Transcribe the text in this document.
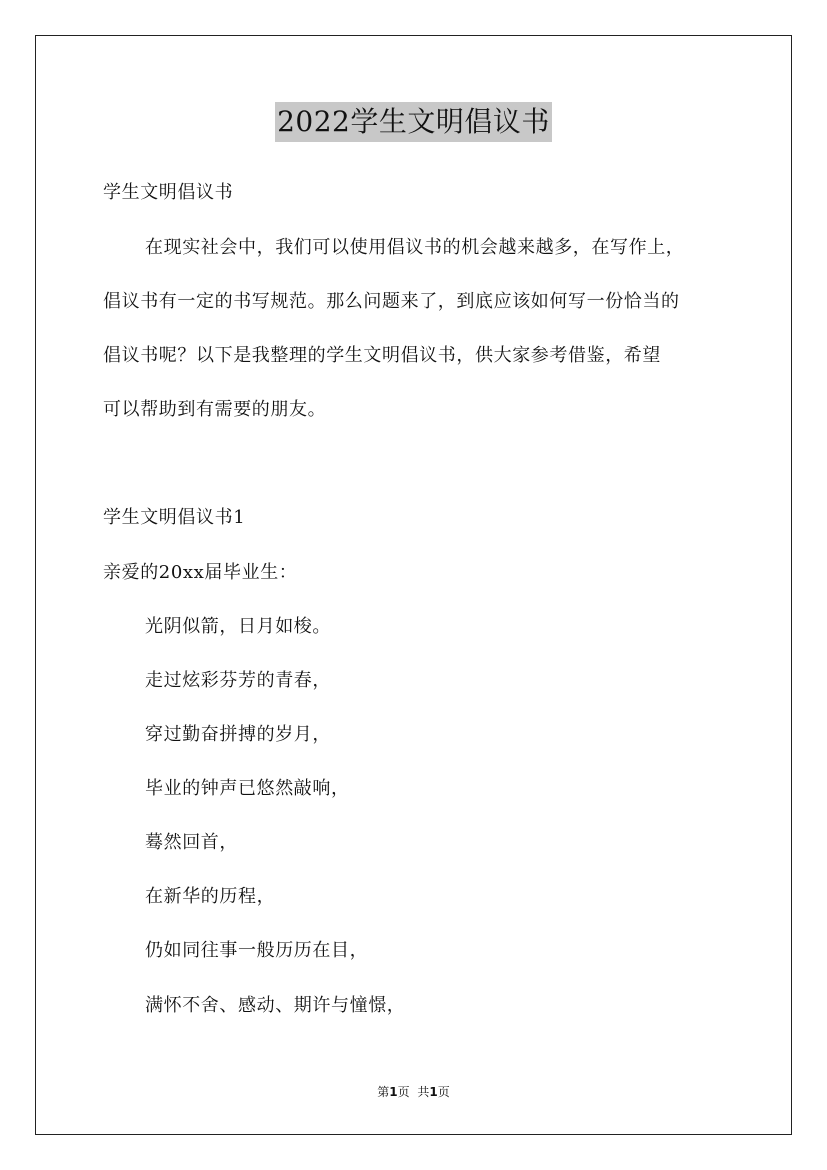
2022学生文明倡议书
学生文明倡议书
在现实社会中，我们可以使用倡议书的机会越来越多，在写作上，
倡议书有一定的书写规范。那么问题来了，到底应该如何写一份恰当的
倡议书呢？以下是我整理的学生文明倡议书，供大家参考借鉴，希望
可以帮助到有需要的朋友。
学生文明倡议书1
亲爱的20xx届毕业生：
光阴似箭，日月如梭。
走过炫彩芬芳的青春，
穿过勤奋拼搏的岁月，
毕业的钟声已悠然敲响，
蓦然回首，
在新华的历程，
仍如同往事一般历历在目，
满怀不舍、感动、期许与憧憬，
第1页 共1页
